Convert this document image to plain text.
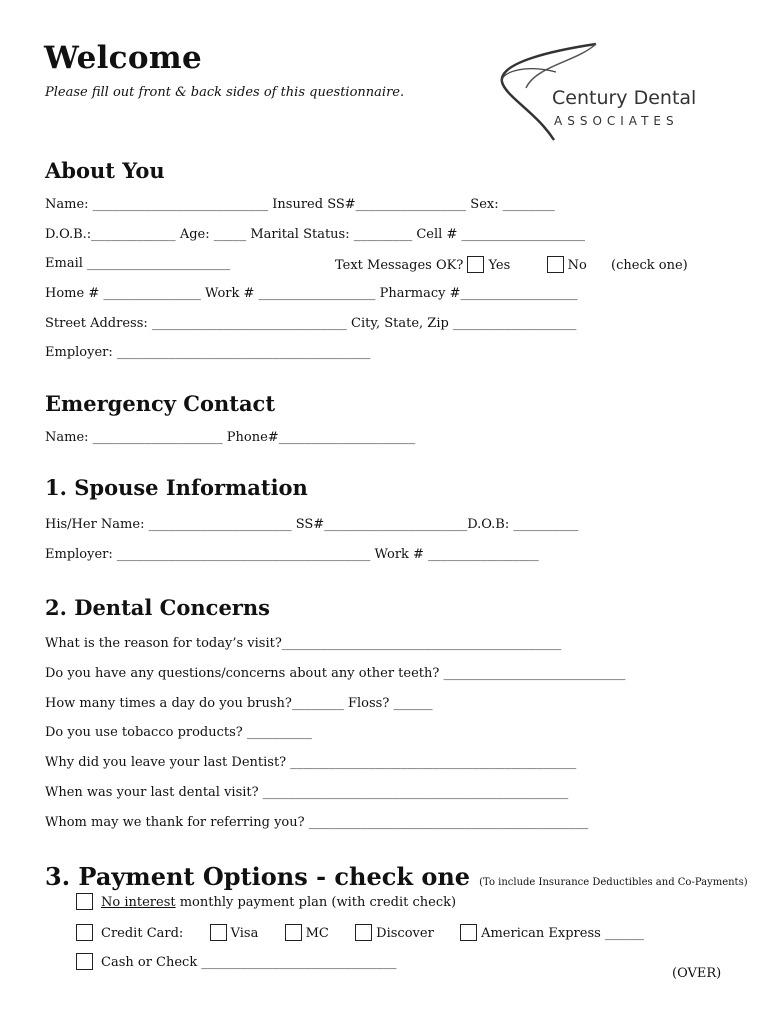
Welcome
Please fill out front & back sides of this questionnaire.	Century Dental
ASSOCIATES
About You
Name: ___________________________ Insured SS#_________________ Sex: ________
D.O.B.:_____________ Age: _____ Marital Status: _________ Cell # ___________________
Email ______________________	Text Messages OK? Yes	No (check one)
Home # _______________ Work # __________________ Pharmacy #__________________
Street Address: ______________________________ City, State, Zip ___________________
Employer: _______________________________________
Emergency Contact
Name: ____________________ Phone#_____________________
1. Spouse Information
His/Her Name: ______________________ SS#______________________D.O.B: __________
Employer: _______________________________________ Work # _________________
2. Dental Concerns
What is the reason for today’s visit?___________________________________________
Do you have any questions/concerns about any other teeth? ____________________________
How many times a day do you brush?________ Floss? ______
Do you use tobacco products? __________
Why did you leave your last Dentist? ____________________________________________
When was your last dental visit? _______________________________________________
Whom may we thank for referring you? ___________________________________________
3. Payment Options - check one (To include Insurance Deductibles and Co-Payments)
No interest monthly payment plan (with credit check)
Credit Card:	Visa	MC	Discover	American Express ______
Cash or Check ______________________________
(OVER)
